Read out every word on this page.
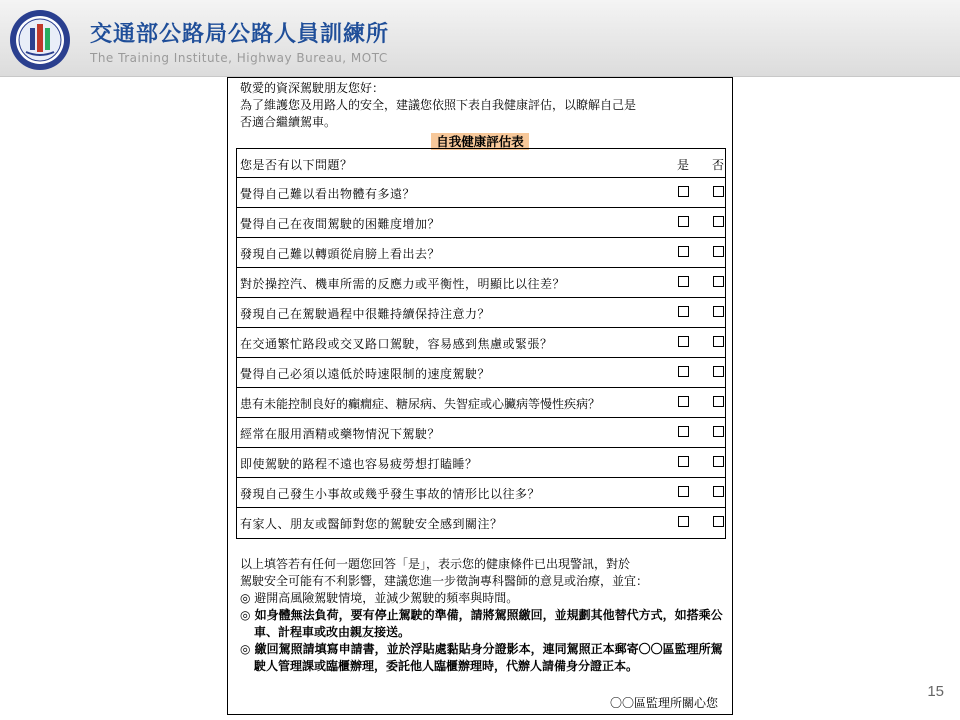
交通部公路局公路人員訓練所
The Training Institute, Highway Bureau, MOTC
敬愛的資深駕駛朋友您好：
為了維護您及用路人的安全，建議您依照下表自我健康評估，以瞭解自己是
否適合繼續駕車。
自我健康評估表
您是否有以下問題？	是 否
覺得自己難以看出物體有多遠？
覺得自己在夜間駕駛的困難度增加？
發現自己難以轉頭從肩膀上看出去？
對於操控汽、機車所需的反應力或平衡性，明顯比以往差？
發現自己在駕駛過程中很難持續保持注意力？
在交通繁忙路段或交叉路口駕駛，容易感到焦慮或緊張？
覺得自己必須以遠低於時速限制的速度駕駛？
患有未能控制良好的癲癇症、糖尿病、失智症或心臟病等慢性疾病？
經常在服用酒精或藥物情況下駕駛？
即使駕駛的路程不遠也容易疲勞想打瞌睡？
發現自己發生小事故或幾乎發生事故的情形比以往多？
有家人、朋友或醫師對您的駕駛安全感到關注？

以上填答若有任何一題您回答「是」，表示您的健康條件已出現警訊，對於

駕駛安全可能有不利影響，建議您進一步徵詢專科醫師的意見或治療，並宜：

◎ 避開高風險駕駛情境，並減少駕駛的頻率與時間。

◎ 如身體無法負荷，要有停止駕駛的準備，請將駕照繳回，並規劃其他替代方式，如搭乘公車、計程車或改由親友接送。

◎ 繳回駕照請填寫申請書，並於浮貼處黏貼身分證影本，連同駕照正本郵寄〇〇區監理所駕駛人管理課或臨櫃辦理，委託他人臨櫃辦理時，代辦人請備身分證正本。

〇〇區監理所關心您
15
